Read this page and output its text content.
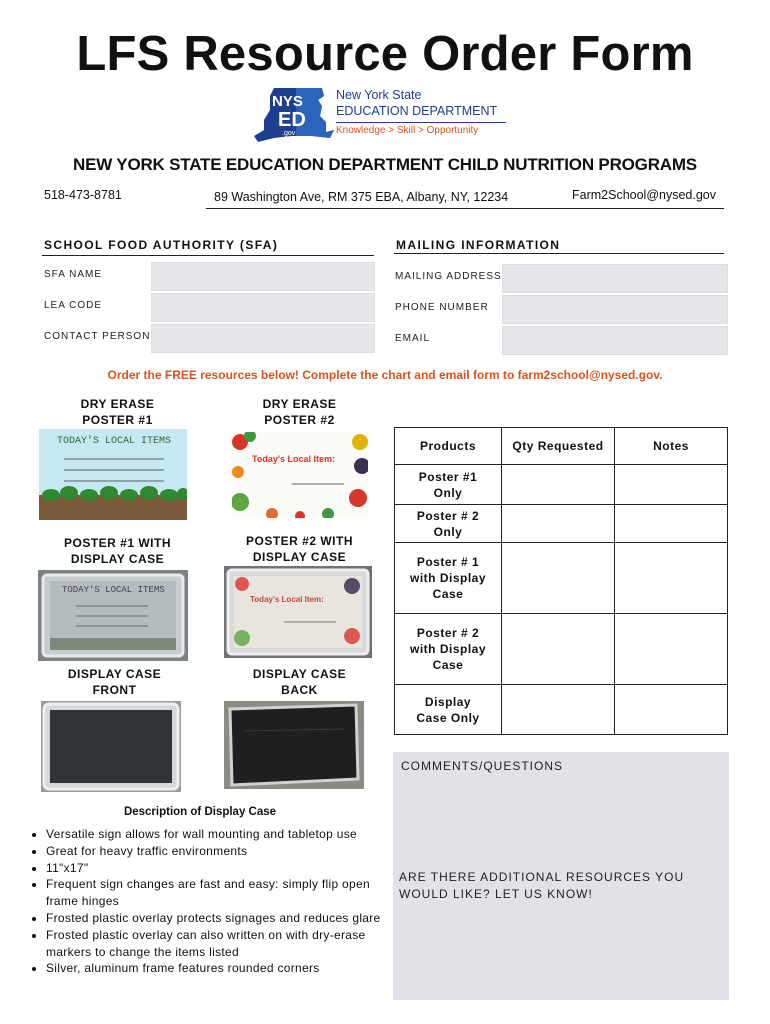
LFS Resource Order Form
NYS
ED
.gov
New York State
EDUCATION DEPARTMENT
Knowledge > Skill > Opportunity
NEW YORK STATE EDUCATION DEPARTMENT CHILD NUTRITION PROGRAMS
518-473-8781	89 Washington Ave, RM 375 EBA, Albany, NY, 12234	Farm2School@nysed.gov
SCHOOL FOOD AUTHORITY (SFA)
SFA NAME
LEA CODE
CONTACT PERSON
MAILING INFORMATION
MAILING ADDRESS
PHONE NUMBER
EMAIL
Order the FREE resources below! Complete the chart and email form to farm2school@nysed.gov.
DRY ERASE
POSTER #1
DRY ERASE
POSTER #2
TODAY'S LOCAL ITEMS
Today's Local Item:
POSTER #1 WITH
DISPLAY CASE
POSTER #2 WITH
DISPLAY CASE
TODAY'S LOCAL ITEMS
Today's Local Item:
DISPLAY CASE
FRONT
DISPLAY CASE
BACK
Products	Qty Requested	Notes

Poster #1
Only		

Poster # 2
Only		

Poster # 1
with Display
Case		

Poster # 2
with Display
Case		

Display
Case Only		

COMMENTS/QUESTIONS
ARE THERE ADDITIONAL RESOURCES YOU
WOULD LIKE? LET US KNOW!
Description of Display Case
• Versatile sign allows for wall mounting and tabletop use
• Great for heavy traffic environments
• 11"x17"
• Frequent sign changes are fast and easy: simply flip open frame hinges
• Frosted plastic overlay protects signages and reduces glare
• Frosted plastic overlay can also written on with dry-erase markers to change the items listed
• Silver, aluminum frame features rounded corners
